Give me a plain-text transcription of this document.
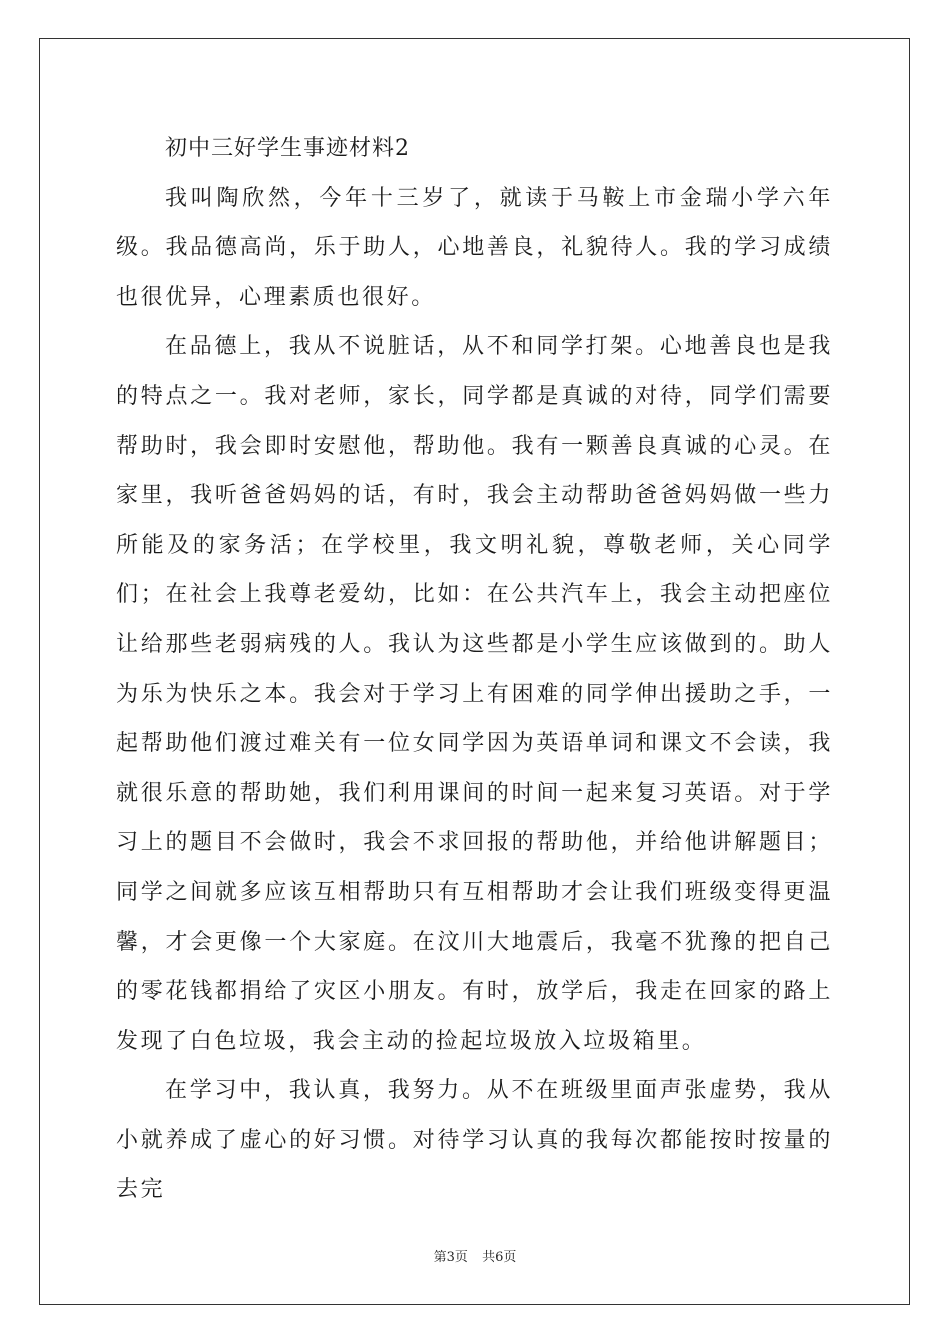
初中三好学生事迹材料2

我叫陶欣然，今年十三岁了，就读于马鞍上市金瑞小学六年级。我品德高尚，乐于助人，心地善良，礼貌待人。我的学习成绩也很优异，心理素质也很好。

在品德上，我从不说脏话，从不和同学打架。心地善良也是我的特点之一。我对老师，家长，同学都是真诚的对待，同学们需要帮助时，我会即时安慰他，帮助他。我有一颗善良真诚的心灵。在家里，我听爸爸妈妈的话，有时，我会主动帮助爸爸妈妈做一些力所能及的家务活；在学校里，我文明礼貌，尊敬老师，关心同学们；在社会上我尊老爱幼，比如：在公共汽车上，我会主动把座位让给那些老弱病残的人。我认为这些都是小学生应该做到的。助人为乐为快乐之本。我会对于学习上有困难的同学伸出援助之手，一起帮助他们渡过难关有一位女同学因为英语单词和课文不会读，我就很乐意的帮助她，我们利用课间的时间一起来复习英语。对于学习上的题目不会做时，我会不求回报的帮助他，并给他讲解题目；同学之间就多应该互相帮助只有互相帮助才会让我们班级变得更温馨，才会更像一个大家庭。在汶川大地震后，我毫不犹豫的把自己的零花钱都捐给了灾区小朋友。有时，放学后，我走在回家的路上发现了白色垃圾，我会主动的捡起垃圾放入垃圾箱里。

在学习中，我认真，我努力。从不在班级里面声张虚势，我从小就养成了虚心的好习惯。对待学习认真的我每次都能按时按量的去完

第3页 共6页
